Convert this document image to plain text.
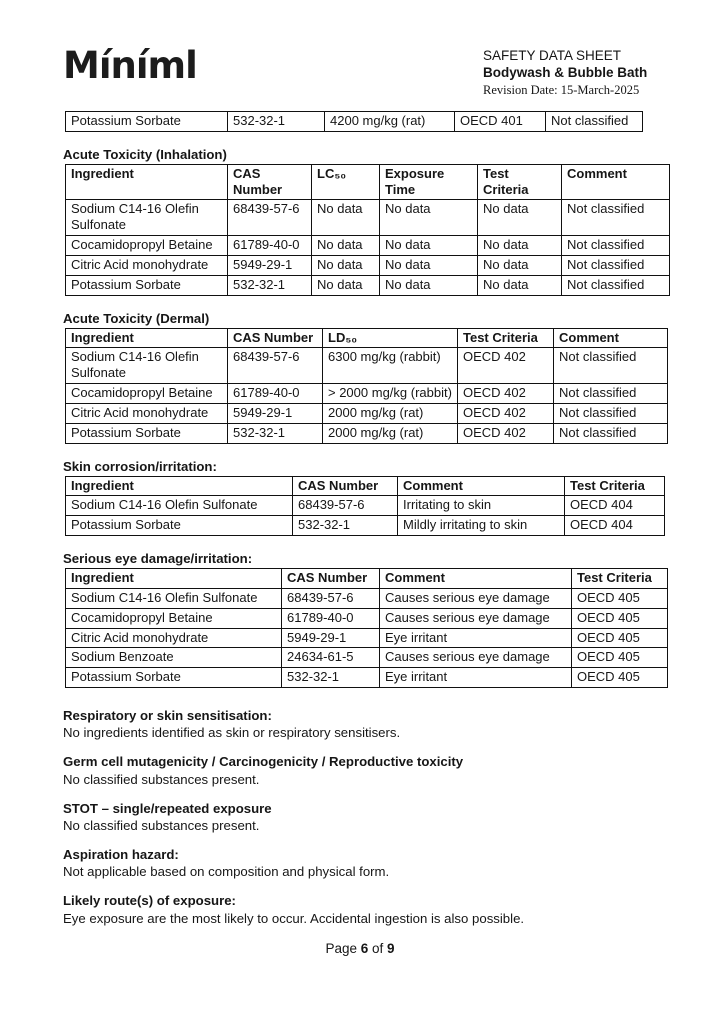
Míníml	SAFETY DATA SHEET
Bodywash & Bubble Bath
Revision Date: 15-March-2025
Potassium Sorbate	532-32-1	4200 mg/kg (rat)	OECD 401	Not classified
Acute Toxicity (Inhalation)
Ingredient	CAS Number	LC₅₀	Exposure Time	Test Criteria	Comment
Sodium C14-16 Olefin Sulfonate	68439-57-6	No data	No data	No data	Not classified
Cocamidopropyl Betaine	61789-40-0	No data	No data	No data	Not classified
Citric Acid monohydrate	5949-29-1	No data	No data	No data	Not classified
Potassium Sorbate	532-32-1	No data	No data	No data	Not classified
Acute Toxicity (Dermal)
Ingredient	CAS Number	LD₅₀	Test Criteria	Comment
Sodium C14-16 Olefin Sulfonate	68439-57-6	6300 mg/kg (rabbit)	OECD 402	Not classified
Cocamidopropyl Betaine	61789-40-0	> 2000 mg/kg (rabbit)	OECD 402	Not classified
Citric Acid monohydrate	5949-29-1	2000 mg/kg (rat)	OECD 402	Not classified
Potassium Sorbate	532-32-1	2000 mg/kg (rat)	OECD 402	Not classified
Skin corrosion/irritation:
Ingredient	CAS Number	Comment	Test Criteria
Sodium C14-16 Olefin Sulfonate	68439-57-6	Irritating to skin	OECD 404
Potassium Sorbate	532-32-1	Mildly irritating to skin	OECD 404
Serious eye damage/irritation:
Ingredient	CAS Number	Comment	Test Criteria
Sodium C14-16 Olefin Sulfonate	68439-57-6	Causes serious eye damage	OECD 405
Cocamidopropyl Betaine	61789-40-0	Causes serious eye damage	OECD 405
Citric Acid monohydrate	5949-29-1	Eye irritant	OECD 405
Sodium Benzoate	24634-61-5	Causes serious eye damage	OECD 405
Potassium Sorbate	532-32-1	Eye irritant	OECD 405
Respiratory or skin sensitisation:
No ingredients identified as skin or respiratory sensitisers.
Germ cell mutagenicity / Carcinogenicity / Reproductive toxicity
No classified substances present.
STOT – single/repeated exposure
No classified substances present.
Aspiration hazard:
Not applicable based on composition and physical form.
Likely route(s) of exposure:
Eye exposure are the most likely to occur. Accidental ingestion is also possible.
Page 6 of 9
